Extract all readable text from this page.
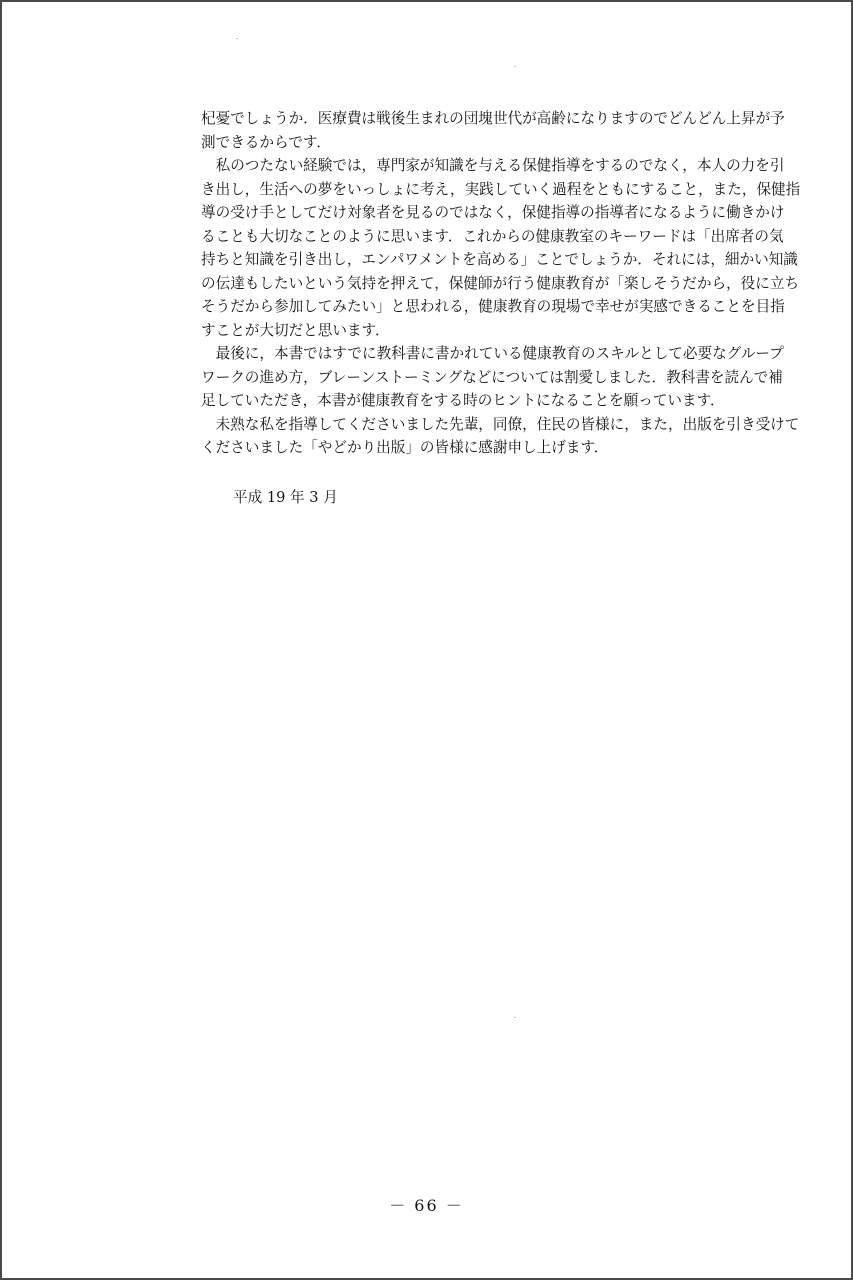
杞憂でしょうか．医療費は戦後生まれの団塊世代が高齢になりますのでどんどん上昇が予
測できるからです．
　私のつたない経験では，専門家が知識を与える保健指導をするのでなく，本人の力を引
き出し，生活への夢をいっしょに考え，実践していく過程をともにすること，また，保健指
導の受け手としてだけ対象者を見るのではなく，保健指導の指導者になるように働きかけ
ることも大切なことのように思います．これからの健康教室のキーワードは「出席者の気
持ちと知識を引き出し，エンパワメントを高める」ことでしょうか．それには，細かい知識
の伝達もしたいという気持を押えて，保健師が行う健康教育が「楽しそうだから，役に立ち
そうだから参加してみたい」と思われる，健康教育の現場で幸せが実感できることを目指
すことが大切だと思います．
　最後に，本書ではすでに教科書に書かれている健康教育のスキルとして必要なグループ
ワークの進め方，ブレーンストーミングなどについては割愛しました．教科書を読んで補
足していただき，本書が健康教育をする時のヒントになることを願っています．
　未熟な私を指導してくださいました先輩，同僚，住民の皆様に，また，出版を引き受けて
くださいました「やどかり出版」の皆様に感謝申し上げます．
平成 19 年 3 月
－ 66 －
